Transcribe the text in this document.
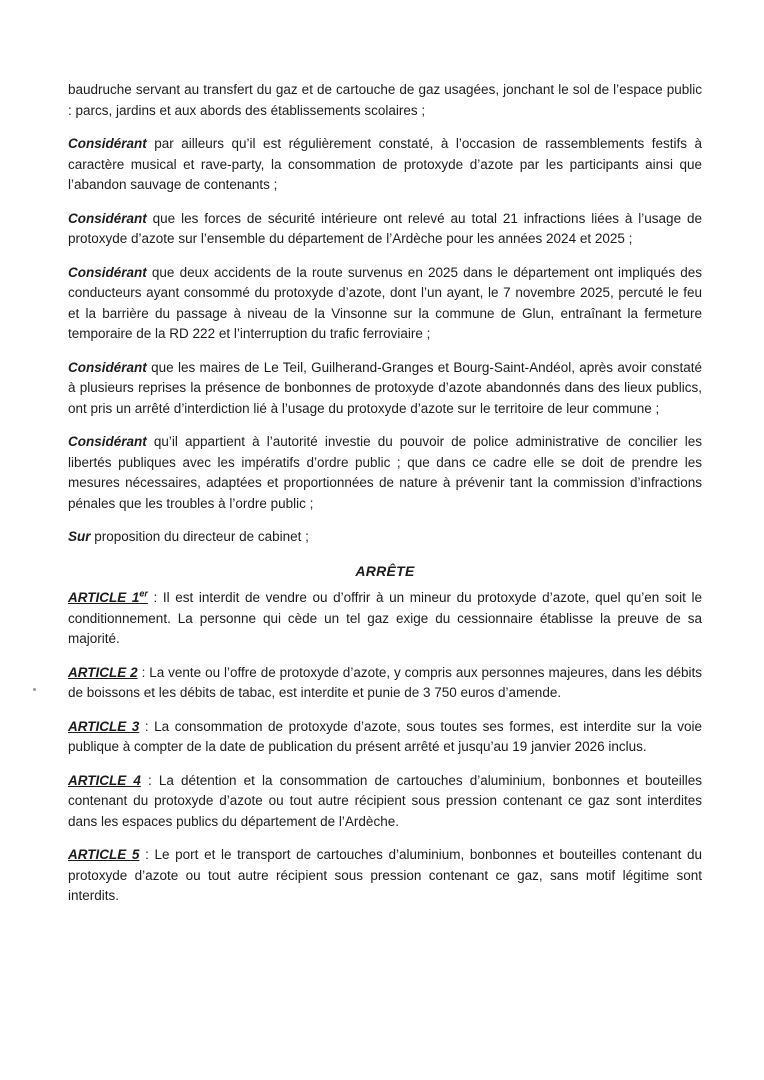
baudruche servant au transfert du gaz et de cartouche de gaz usagées, jonchant le sol de l’espace public : parcs, jardins et aux abords des établissements scolaires ;

Considérant par ailleurs qu’il est régulièrement constaté, à l’occasion de rassemblements festifs à caractère musical et rave-party, la consommation de protoxyde d’azote par les participants ainsi que l’abandon sauvage de contenants ;

Considérant que les forces de sécurité intérieure ont relevé au total 21 infractions liées à l’usage de protoxyde d’azote sur l’ensemble du département de l’Ardèche pour les années 2024 et 2025 ;

Considérant que deux accidents de la route survenus en 2025 dans le département ont impliqués des conducteurs ayant consommé du protoxyde d’azote, dont l’un ayant, le 7 novembre 2025, percuté le feu et la barrière du passage à niveau de la Vinsonne sur la commune de Glun, entraînant la fermeture temporaire de la RD 222 et l’interruption du trafic ferroviaire ;

Considérant que les maires de Le Teil, Guilherand-Granges et Bourg-Saint-Andéol, après avoir constaté à plusieurs reprises la présence de bonbonnes de protoxyde d’azote abandonnés dans des lieux publics, ont pris un arrêté d’interdiction lié à l’usage du protoxyde d’azote sur le territoire de leur commune ;

Considérant qu’il appartient à l’autorité investie du pouvoir de police administrative de concilier les libertés publiques avec les impératifs d’ordre public ; que dans ce cadre elle se doit de prendre les mesures nécessaires, adaptées et proportionnées de nature à prévenir tant la commission d’infractions pénales que les troubles à l’ordre public ;

Sur proposition du directeur de cabinet ;

ARRÊTE

ARTICLE 1er : Il est interdit de vendre ou d’offrir à un mineur du protoxyde d’azote, quel qu’en soit le conditionnement. La personne qui cède un tel gaz exige du cessionnaire établisse la preuve de sa majorité.

ARTICLE 2 : La vente ou l’offre de protoxyde d’azote, y compris aux personnes majeures, dans les débits de boissons et les débits de tabac, est interdite et punie de 3 750 euros d’amende.

ARTICLE 3 : La consommation de protoxyde d’azote, sous toutes ses formes, est interdite sur la voie publique à compter de la date de publication du présent arrêté et jusqu’au 19 janvier 2026 inclus.

ARTICLE 4 : La détention et la consommation de cartouches d’aluminium, bonbonnes et bouteilles contenant du protoxyde d’azote ou tout autre récipient sous pression contenant ce gaz sont interdites dans les espaces publics du département de l’Ardèche.

ARTICLE 5 : Le port et le transport de cartouches d’aluminium, bonbonnes et bouteilles contenant du protoxyde d’azote ou tout autre récipient sous pression contenant ce gaz, sans motif légitime sont interdits.
